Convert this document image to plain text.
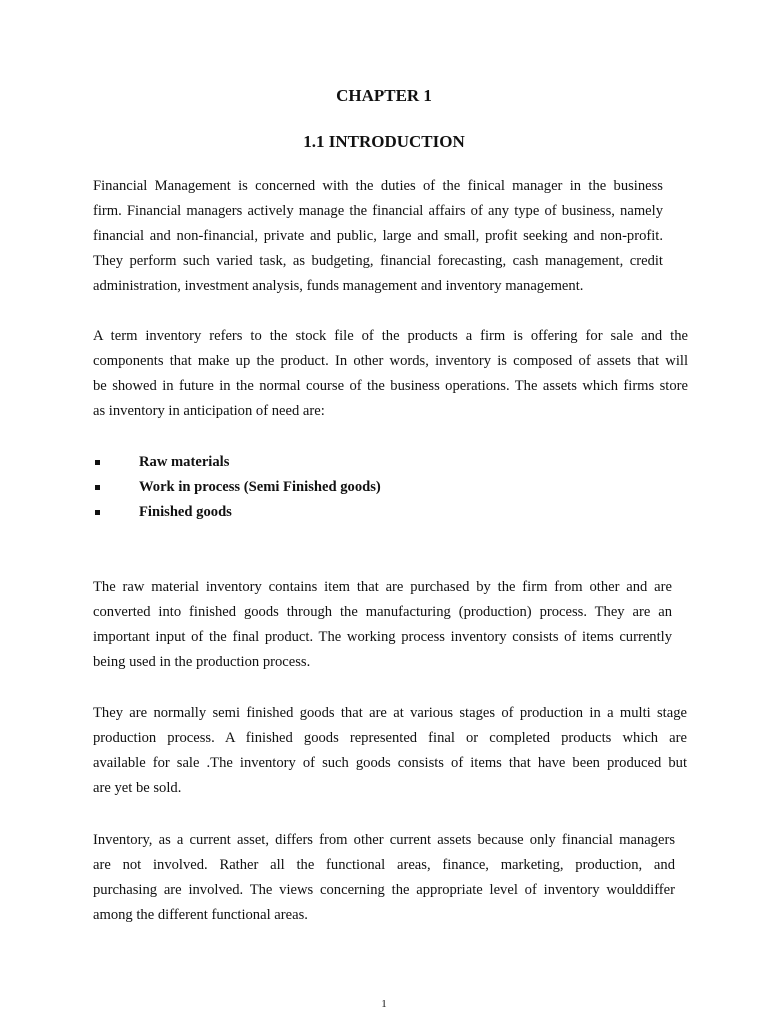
CHAPTER 1
1.1 INTRODUCTION
Financial Management is concerned with the duties of the finical manager in the business
firm. Financial managers actively manage the financial affairs of any type of business, namely
financial and non-financial, private and public, large and small, profit seeking and non-profit.
They perform such varied task, as budgeting, financial forecasting, cash management, credit
administration, investment analysis, funds management and inventory management.
A term inventory refers to the stock file of the products a firm is offering for sale and the
components that make up the product. In other words, inventory is composed of assets that will
be showed in future in the normal course of the business operations. The assets which firms store
as inventory in anticipation of need are:
Raw materials
Work in process (Semi Finished goods)
Finished goods
The raw material inventory contains item that are purchased by the firm from other and are
converted into finished goods through the manufacturing (production) process. They are an
important input of the final product. The working process inventory consists of items currently
being used in the production process.
They are normally semi finished goods that are at various stages of production in a multi stage
production process. A finished goods represented final or completed products which are
available for sale .The inventory of such goods consists of items that have been produced but
are yet be sold.
Inventory, as a current asset, differs from other current assets because only financial managers
are not involved. Rather all the functional areas, finance, marketing, production, and
purchasing are involved. The views concerning the appropriate level of inventory woulddiffer
among the different functional areas.
1
